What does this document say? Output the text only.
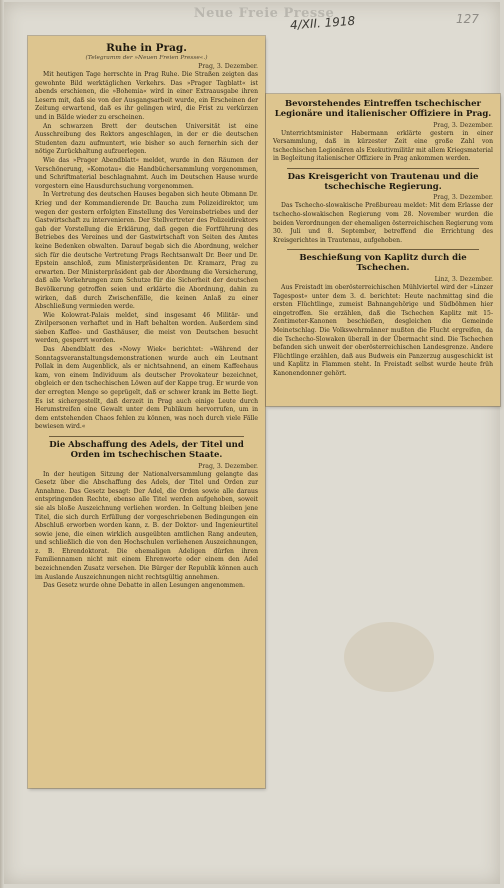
Neue Freie Presse
4/XII. 1918	127
Ruhe in Prag.
(Telegramm der »Neuen Freien Presse«.)
Prag, 3. Dezember.

Mit heutigen Tage herrschte in Prag Ruhe. Die Straßen zeigten das gewohnte Bild werktäglichen Verkehrs. Das »Prager Tagblatt« ist abends erschienen, die »Bohemia« wird in einer Extraausgabe ihren Lesern mit, daß sie von der Ausgangsarbeit wurde, ein Erscheinen der Zeitung erwartend, daß es ihr gelingen wird, die Frist zu verkürzen und in Bälde wieder zu erscheinen.

An schwarzen Brett der deutschen Universität ist eine Ausschreibung des Rektors angeschlagen, in der er die deutschen Studenten dazu aufmuntert, wie bisher so auch fernerhin sich der nötige Zurückhaltung aufzuerlegen.

Wie das »Prager Abendblatt« meldet, wurde in den Räumen der Verschönerung, »Komotau« die Handbüchersammlung vorgenommen, und Schriftmaterial beschlagnahmt. Auch im Deutschen Hause wurde vorgestern eine Hausdurchsuchung vorgenommen.

In Vertretung des deutschen Hauses begaben sich heute Obmann Dr. Krieg und der Kommandierende Dr. Baucha zum Polizeidirektor, um wegen der gestern erfolgten Einstellung des Vereinsbetriebes und der Gastwirtschaft zu intervenieren. Der Stellvertreter des Polizeidirektors gab der Vorstellung die Erklärung, daß gegen die Fortführung des Betriebes des Vereines und der Gastwirtschaft von Seiten des Amtes keine Bedenken obwalten. Darauf begab sich die Abordnung, welcher sich für die deutsche Vertretung Prags Rechtsanwalt Dr. Beer und Dr. Epstein anschloß, zum Ministerpräsidenten Dr. Kramarz, Prag zu erwarten. Der Ministerpräsident gab der Abordnung die Versicherung, daß alle Vorkehrungen zum Schutze für die Sicherheit der deutschen Bevölkerung getroffen seien und erklärte die Abordnung, dahin zu wirken, daß durch Zwischenfälle, die keinen Anlaß zu einer Abschließung vermieden werde.

Wie Kolowrat-Palais meldet, sind insgesamt 46 Militär- und Zivilpersonen verhaftet und in Haft behalten worden. Außerdem sind sieben Kaffee- und Gasthäuser, die meist von Deutschen besucht werden, gesperrt worden.

Das Abendblatt des »Nowy Wiek« berichtet: »Während der Sonntagsveranstaltungsdemonstrationen wurde auch ein Leutnant Pollak in dem Augenblick, als er nichtsahnend, an einem Kaffeehaus kam, von einem Individuum als deutscher Provokateur bezeichnet, obgleich er den tschechischen Löwen auf der Kappe trug. Er wurde von der erregten Menge so geprügelt, daß er schwer krank im Bette liegt. Es ist sichergestellt, daß derzeit in Prag auch einige Leute durch Herumstreifen eine Gewalt unter dem Publikum hervorrufen, um in dem entstehenden Chaos fehlen zu können, was noch durch viele Fälle bewiesen wird.«

Die Abschaffung des Adels, der Titel und Orden im tschechischen Staate.
Prag, 3. Dezember.

In der heutigen Sitzung der Nationalversammlung gelangte das Gesetz über die Abschaffung des Adels, der Titel und Orden zur Annahme. Das Gesetz besagt: Der Adel, die Orden sowie alle daraus entspringenden Rechte, ebenso alle Titel werden aufgehoben, soweit sie als bloße Auszeichnung verliehen worden. In Geltung bleiben jene Titel, die sich durch Erfüllung der vorgeschriebenen Bedingungen ein Abschluß erworben worden kann, z. B. der Doktor- und Ingenieurtitel sowie jene, die einen wirklich ausgeübten amtlichen Rang andeuten, und schließlich die von den Hochschulen verliehenen Auszeichnungen, z. B. Ehrendoktorat. Die ehemaligen Adeligen dürfen ihren Familiennamen nicht mit einem Ehrenworte oder einem den Adel bezeichnenden Zusatz versehen. Die Bürger der Republik können auch im Auslande Auszeichnungen nicht rechtsgültig annehmen.

Das Gesetz wurde ohne Debatte in allen Lesungen angenommen.

Bevorstehendes Eintreffen tschechischer Legionäre und italienischer Offiziere in Prag.
Prag, 3. Dezember.

Unterrichtsminister Habermann erklärte gestern in einer Versammlung, daß in kürzester Zeit eine große Zahl von tschechischen Legionären als Exekutivmilitär mit allem Kriegsmaterial in Begleitung italienischer Offiziere in Prag ankommen werden.

Das Kreisgericht von Trautenau und die tschechische Regierung.
Prag, 3. Dezember.

Das Tschecho-slowakische Preßbureau meldet: Mit dem Erlasse der tschecho-slowakischen Regierung vom 28. November wurden die beiden Verordnungen der ehemaligen österreichischen Regierung vom 30. Juli und 8. September, betreffend die Errichtung des Kreisgerichtes in Trautenau, aufgehoben.

Beschießung von Kaplitz durch die Tschechen.
Linz, 3. Dezember.

Aus Freistadt im oberösterreichischen Mühlviertel wird der »Linzer Tagespost« unter dem 3. d. berichtet: Heute nachmittag sind die ersten Flüchtlinge, zumeist Bahnangehörige und Südböhmen hier eingetroffen. Sie erzählen, daß die Tschechen Kaplitz mit 15-Zentimeter-Kanonen beschießen, desgleichen die Gemeinde Meinetschlag. Die Volkswehrmänner mußten die Flucht ergreifen, da die Tschecho-Slowaken überall in der Übermacht sind. Die Tschechen befanden sich unweit der oberösterreichischen Landesgrenze. Andere Flüchtlinge erzählen, daß aus Budweis ein Panzerzug ausgeschickt ist und Kaplitz in Flammen steht. In Freistadt selbst wurde heute früh Kanonendonner gehört.
